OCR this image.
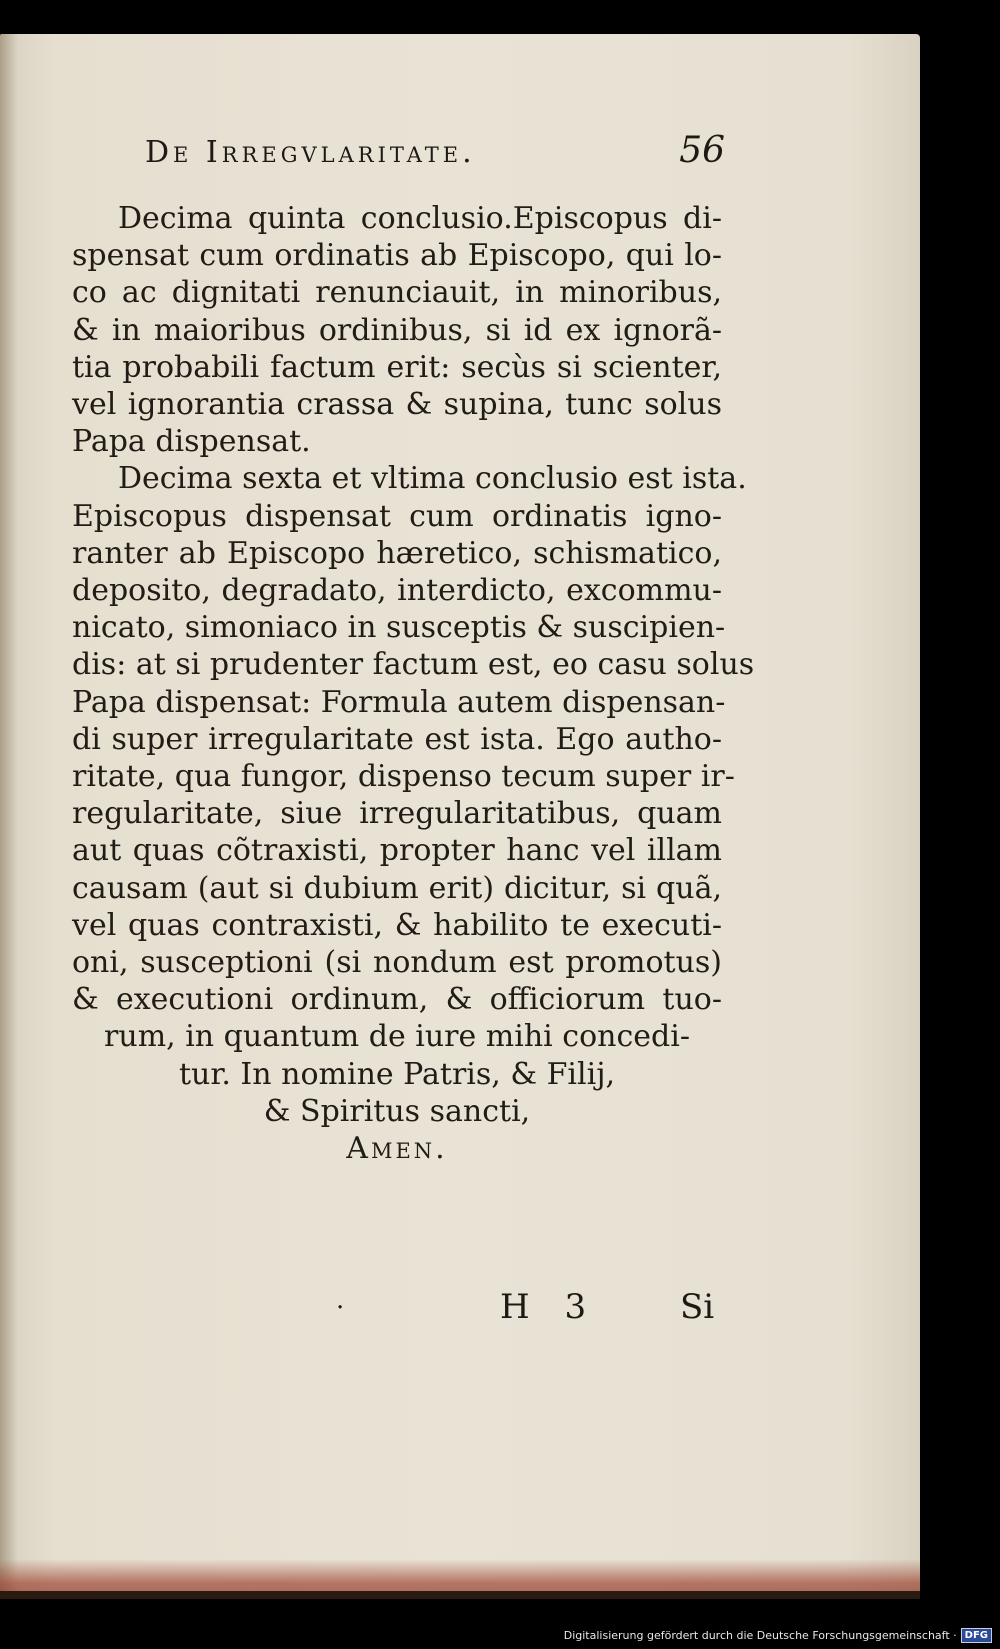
De Irregvlaritate.	56
Decima quinta conclusio.Episcopus di-
spensat cum ordinatis ab Episcopo, qui lo-
co ac dignitati renunciauit, in minoribus,
& in maioribus ordinibus, si id ex ignorã-
tia probabili factum erit: secùs si scienter,
vel ignorantia crassa & supina, tunc solus
Papa dispensat.
Decima sexta et vltima conclusio est ista.
Episcopus dispensat cum ordinatis igno-
ranter ab Episcopo hæretico, schismatico,
deposito, degradato, interdicto, excommu-
nicato, simoniaco in susceptis & suscipien-
dis: at si prudenter factum est, eo casu solus
Papa dispensat: Formula autem dispensan-
di super irregularitate est ista. Ego autho-
ritate, qua fungor, dispenso tecum super ir-
regularitate, siue irregularitatibus, quam
aut quas cõtraxisti, propter hanc vel illam
causam (aut si dubium erit) dicitur, si quã,
vel quas contraxisti, & habilito te executi-
oni, susceptioni (si nondum est promotus)
& executioni ordinum, & officiorum tuo-
rum, in quantum de iure mihi concedi-
tur. In nomine Patris, & Filij,
& Spiritus sancti,
Amen.
·	H 3 Si
Digitalisierung gefördert durch die Deutsche Forschungsgemeinschaft · DFG
